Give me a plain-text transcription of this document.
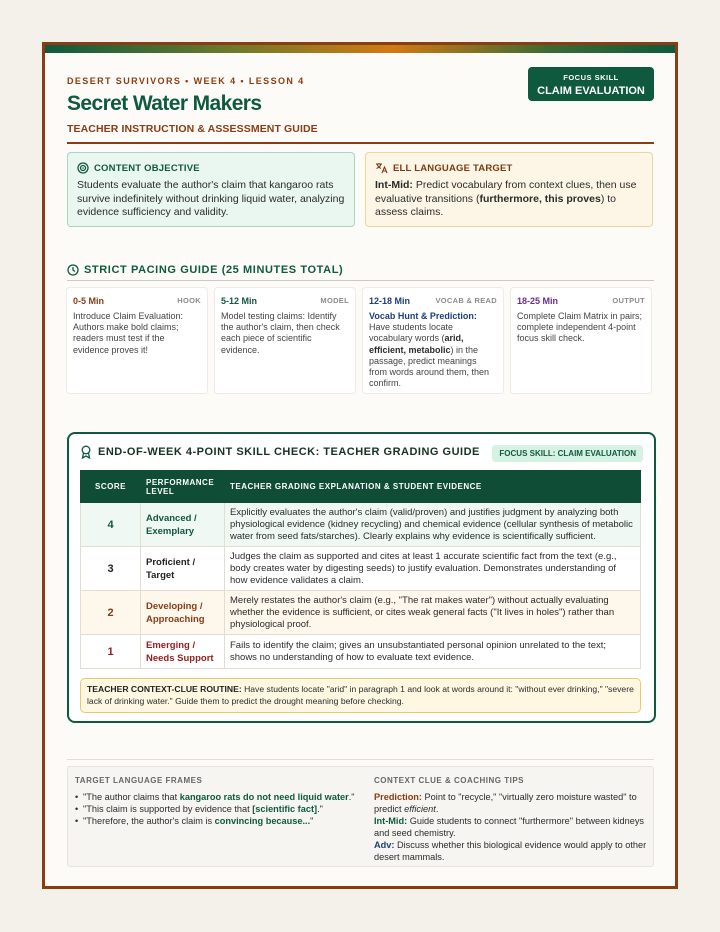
DESERT SURVIVORS • WEEK 4 • LESSON 4
Secret Water Makers
TEACHER INSTRUCTION & ASSESSMENT GUIDE
FOCUS SKILL
CLAIM EVALUATION
CONTENT OBJECTIVE
Students evaluate the author's claim that kangaroo rats survive indefinitely without drinking liquid water, analyzing evidence sufficiency and validity.
ELL LANGUAGE TARGET
Int-Mid: Predict vocabulary from context clues, then use evaluative transitions (furthermore, this proves) to assess claims.
STRICT PACING GUIDE (25 MINUTES TOTAL)
0-5 Min	HOOK
Introduce Claim Evaluation: Authors make bold claims; readers must test if the evidence proves it!
5-12 Min	MODEL
Model testing claims: Identify the author's claim, then check each piece of scientific evidence.
12-18 Min	VOCAB & READ
Vocab Hunt & Prediction: Have students locate vocabulary words (arid, efficient, metabolic) in the passage, predict meanings from words around them, then confirm.
18-25 Min	OUTPUT
Complete Claim Matrix in pairs; complete independent 4-point focus skill check.
END-OF-WEEK 4-POINT SKILL CHECK: TEACHER GRADING GUIDE	FOCUS SKILL: CLAIM EVALUATION
SCORE	PERFORMANCE LEVEL	TEACHER GRADING EXPLANATION & STUDENT EVIDENCE
4	Advanced / Exemplary	Explicitly evaluates the author's claim (valid/proven) and justifies judgment by analyzing both physiological evidence (kidney recycling) and chemical evidence (cellular synthesis of metabolic water from seed fats/starches). Clearly explains why evidence is scientifically sufficient.
3	Proficient / Target	Judges the claim as supported and cites at least 1 accurate scientific fact from the text (e.g., body creates water by digesting seeds) to justify evaluation. Demonstrates understanding of how evidence validates a claim.
2	Developing / Approaching	Merely restates the author's claim (e.g., "The rat makes water") without actually evaluating whether the evidence is sufficient, or cites weak general facts ("It lives in holes") rather than physiological proof.
1	Emerging / Needs Support	Fails to identify the claim; gives an unsubstantiated personal opinion unrelated to the text; shows no understanding of how to evaluate text evidence.
TEACHER CONTEXT-CLUE ROUTINE: Have students locate "arid" in paragraph 1 and look at words around it: "without ever drinking," "severe lack of drinking water." Guide them to predict the drought meaning before checking.
TARGET LANGUAGE FRAMES
• "The author claims that kangaroo rats do not need liquid water."
• "This claim is supported by evidence that [scientific fact]."
• "Therefore, the author's claim is convincing because..."
CONTEXT CLUE & COACHING TIPS
Prediction: Point to "recycle," "virtually zero moisture wasted" to predict efficient.
Int-Mid: Guide students to connect "furthermore" between kidneys and seed chemistry.
Adv: Discuss whether this biological evidence would apply to other desert mammals.
